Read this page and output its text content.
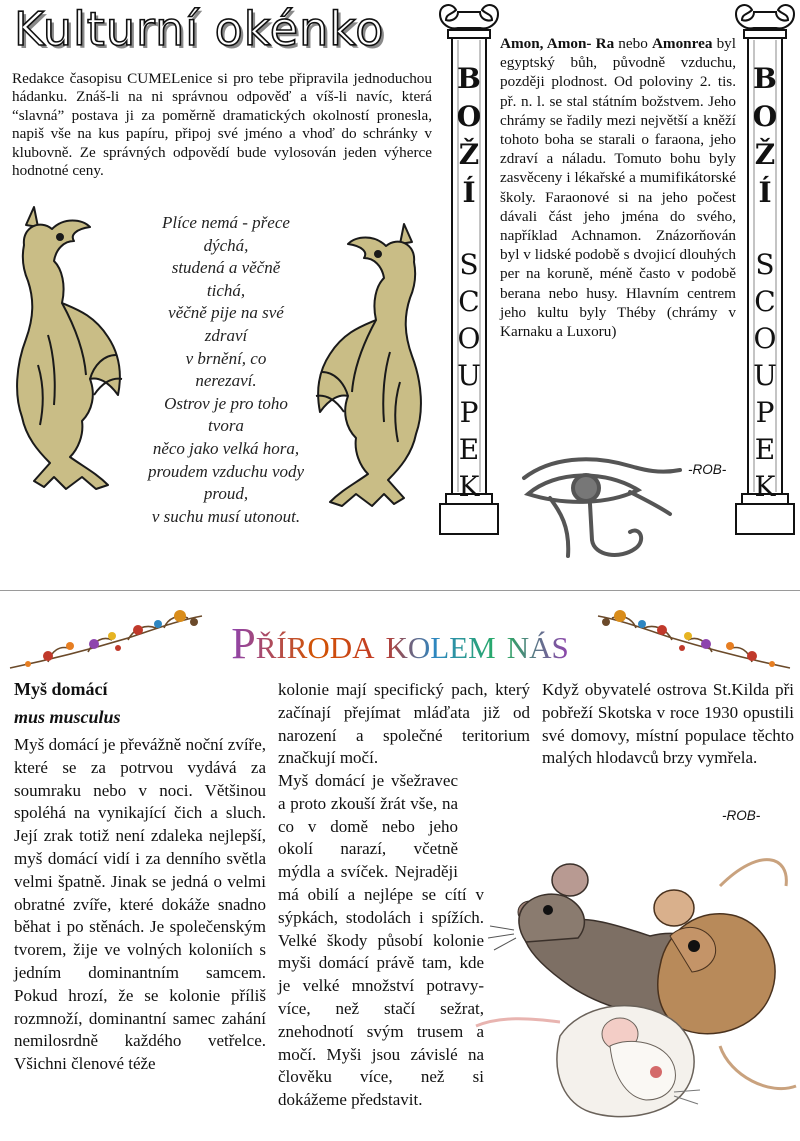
Kulturní okénko
Redakce časopisu CUMELenice si pro tebe připravila jednoduchou hádanku. Znáš-li na ni správnou odpověď a víš-li navíc, která “slavná” postava ji za poměrně dramatických okolností pronesla, napiš vše na kus papíru, připoj své jméno a vhoď do schránky v klubovně. Ze správných odpovědí bude vylosován jeden výherce hodnotné ceny.
Plíce nemá - přece
dýchá,
studená a věčně
tichá,
věčně pije na své
zdraví
v brnění, co
nerezaví.
Ostrov je pro toho
tvora
něco jako velká hora,
proudem vzduchu vody
proud,
v suchu musí utonout.
B
O
Ž
Í
S
C
O
U
P
E
K
B
O
Ž
Í
S
C
O
U
P
E
K
Amon, Amon- Ra nebo Amonrea byl egyptský bůh, původně vzduchu, později plodnost. Od poloviny 2. tis. př. n. l. se stal státním božstvem. Jeho chrámy se řadily mezi největší a kněží tohoto boha se starali o faraona, jeho zdraví a náladu. Tomuto bohu byly zasvěceny i lékařské a mumifikátorské školy. Faraonové si na jeho počest dávali část jeho jména do svého, například Achnamon. Znázorňován byl v lidské podobě s dvojicí dlouhých per na koruně, méně často v podobě berana nebo husy. Hlavním centrem jeho kultu byly Théby (chrámy v Karnaku a Luxoru)
-ROB-
Příroda kolem nás
Myš domácí
mus musculus
Myš domácí je převážně noční zvíře, které se za potrvou vydává za soumraku nebo v noci. Většinou spoléhá na vynikající čich a sluch. Její zrak totiž není zdaleka nejlepší, myš domácí vidí i za denního světla velmi špatně. Jinak se jedná o velmi obratné zvíře, které dokáže snadno běhat i po stěnách. Je společenským tvorem, žije ve volných koloniích s jedním dominantním samcem. Pokud hrozí, že se kolonie příliš rozmnoží, dominantní samec zahání nemilosrdně každého vetřelce. Všichni členové téže
kolonie mají specifický pach, který začínají přejímat mláďata již od narození a společné teritorium značkují močí.
Myš domácí je všežravec a proto zkouší žrát vše, na co v domě nebo jeho okolí narazí, včetně mýdla a svíček. Nejraději má obilí a nejlépe se cítí v sýpkách, stodolách i spížích. Velké škody působí kolonie myši domácí právě tam, kde je velké množství potravy- více, než stačí sežrat, znehodnotí svým trusem a močí. Myši jsou závislé na člověku více, než si dokážeme představit.
Když obyvatelé ostrova St.Kilda při pobřeží Skotska v roce 1930 opustili své domovy, místní populace těchto malých hlodavců brzy vymřela.
-ROB-
